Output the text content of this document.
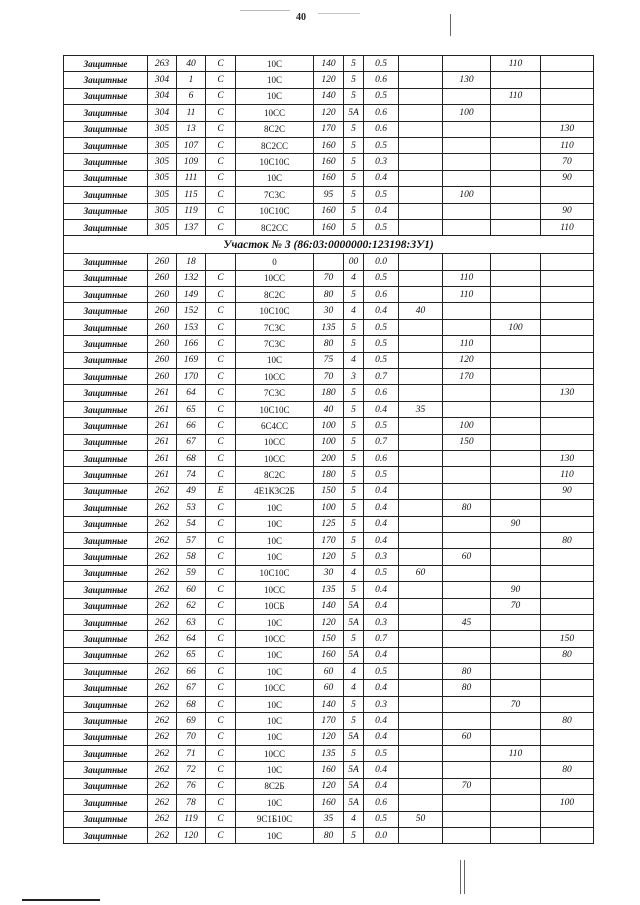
40
Защитные	263	40	С	10С	140	5	0.5			110	
Защитные	304	1	С	10С	120	5	0.6		130		
Защитные	304	6	С	10С	140	5	0.5			110	
Защитные	304	11	С	10СС	120	5А	0.6		100		
Защитные	305	13	С	8С2С	170	5	0.6				130
Защитные	305	107	С	8С2СС	160	5	0.5				110
Защитные	305	109	С	10С10С	160	5	0.3				70
Защитные	305	111	С	10С	160	5	0.4				90
Защитные	305	115	С	7С3С	95	5	0.5		100		
Защитные	305	119	С	10С10С	160	5	0.4				90
Защитные	305	137	С	8С2СС	160	5	0.5				110
Участок № 3 (86:03:0000000:123198:ЗУ1)											
Защитные	260	18		0		00	0.0				
Защитные	260	132	С	10СС	70	4	0.5		110		
Защитные	260	149	С	8С2С	80	5	0.6		110		
Защитные	260	152	С	10С10С	30	4	0.4	40			
Защитные	260	153	С	7С3С	135	5	0.5			100	
Защитные	260	166	С	7С3С	80	5	0.5		110		
Защитные	260	169	С	10С	75	4	0.5		120		
Защитные	260	170	С	10СС	70	3	0.7		170		
Защитные	261	64	С	7С3С	180	5	0.6				130
Защитные	261	65	С	10С10С	40	5	0.4	35			
Защитные	261	66	С	6С4СС	100	5	0.5		100		
Защитные	261	67	С	10СС	100	5	0.7		150		
Защитные	261	68	С	10СС	200	5	0.6				130
Защитные	261	74	С	8С2С	180	5	0.5				110
Защитные	262	49	Е	4Е1К3С2Б	150	5	0.4				90
Защитные	262	53	С	10С	100	5	0.4		80		
Защитные	262	54	С	10С	125	5	0.4			90	
Защитные	262	57	С	10С	170	5	0.4				80
Защитные	262	58	С	10С	120	5	0.3		60		
Защитные	262	59	С	10С10С	30	4	0.5	60			
Защитные	262	60	С	10СС	135	5	0.4			90	
Защитные	262	62	С	10СБ	140	5А	0.4			70	
Защитные	262	63	С	10С	120	5А	0.3		45		
Защитные	262	64	С	10СС	150	5	0.7				150
Защитные	262	65	С	10С	160	5А	0.4				80
Защитные	262	66	С	10С	60	4	0.5		80		
Защитные	262	67	С	10СС	60	4	0.4		80		
Защитные	262	68	С	10С	140	5	0.3			70	
Защитные	262	69	С	10С	170	5	0.4				80
Защитные	262	70	С	10С	120	5А	0.4		60		
Защитные	262	71	С	10СС	135	5	0.5			110	
Защитные	262	72	С	10С	160	5А	0.4				80
Защитные	262	76	С	8С2Б	120	5А	0.4		70		
Защитные	262	78	С	10С	160	5А	0.6				100
Защитные	262	119	С	9С1Б10С	35	4	0.5	50			
Защитные	262	120	С	10С	80	5	0.0				
